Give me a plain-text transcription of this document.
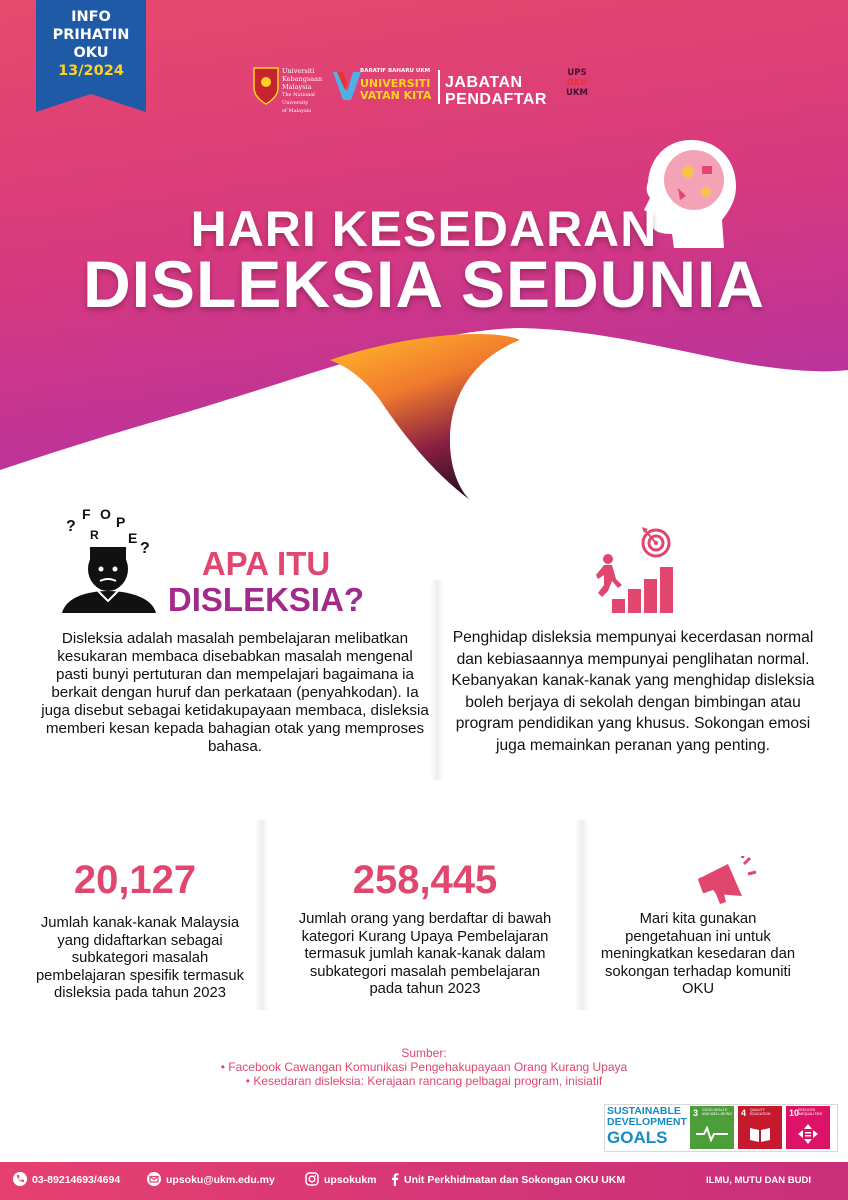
INFO
PRIHATIN
OKU
13/2024	Universiti
Kebangsaan
Malaysia
The National University
of Malaysia
BARATIF BAHARU UKM
UNIVERSITI
VATAN KITA
JABATAN
PENDAFTAR
UPS
OKU
UKM
HARI KESEDARAN
DISLEKSIA SEDUNIA
?
F O P
R E
?	APA ITU
DISLEKSIA?
Disleksia adalah masalah pembelajaran melibatkan kesukaran membaca disebabkan masalah mengenal pasti bunyi pertuturan dan mempelajari bagaimana ia berkait dengan huruf dan perkataan (penyahkodan). Ia juga disebut sebagai ketidakupayaan membaca, disleksia memberi kesan kepada bahagian otak yang memproses bahasa.
Penghidap disleksia mempunyai kecerdasan normal dan kebiasaannya mempunyai penglihatan normal. Kebanyakan kanak-kanak yang menghidap disleksia boleh berjaya di sekolah dengan bimbingan atau program pendidikan yang khusus. Sokongan emosi juga memainkan peranan yang penting.
20,127
Jumlah kanak-kanak Malaysia yang didaftarkan sebagai subkategori masalah pembelajaran spesifik termasuk disleksia pada tahun 2023
258,445
Jumlah orang yang berdaftar di bawah kategori Kurang Upaya Pembelajaran termasuk jumlah kanak-kanak dalam subkategori masalah pembelajaran pada tahun 2023
Mari kita gunakan pengetahuan ini untuk meningkatkan kesedaran dan sokongan terhadap komuniti OKU
Sumber:
• Facebook Cawangan Komunikasi Pengehakupayaan Orang Kurang Upaya
• Kesedaran disleksia: Kerajaan rancang pelbagai program, inisiatif
SUSTAINABLE
DEVELOPMENT
GOALS
3 GOOD HEALTH AND WELL-BEING 4 QUALITY EDUCATION	10
REDUCED INEQUALITIES
03-89214693/4694	upsoku@ukm.edu.my	upsokukm	Unit Perkhidmatan dan Sokongan OKU UKM	ILMU, MUTU DAN BUDI
